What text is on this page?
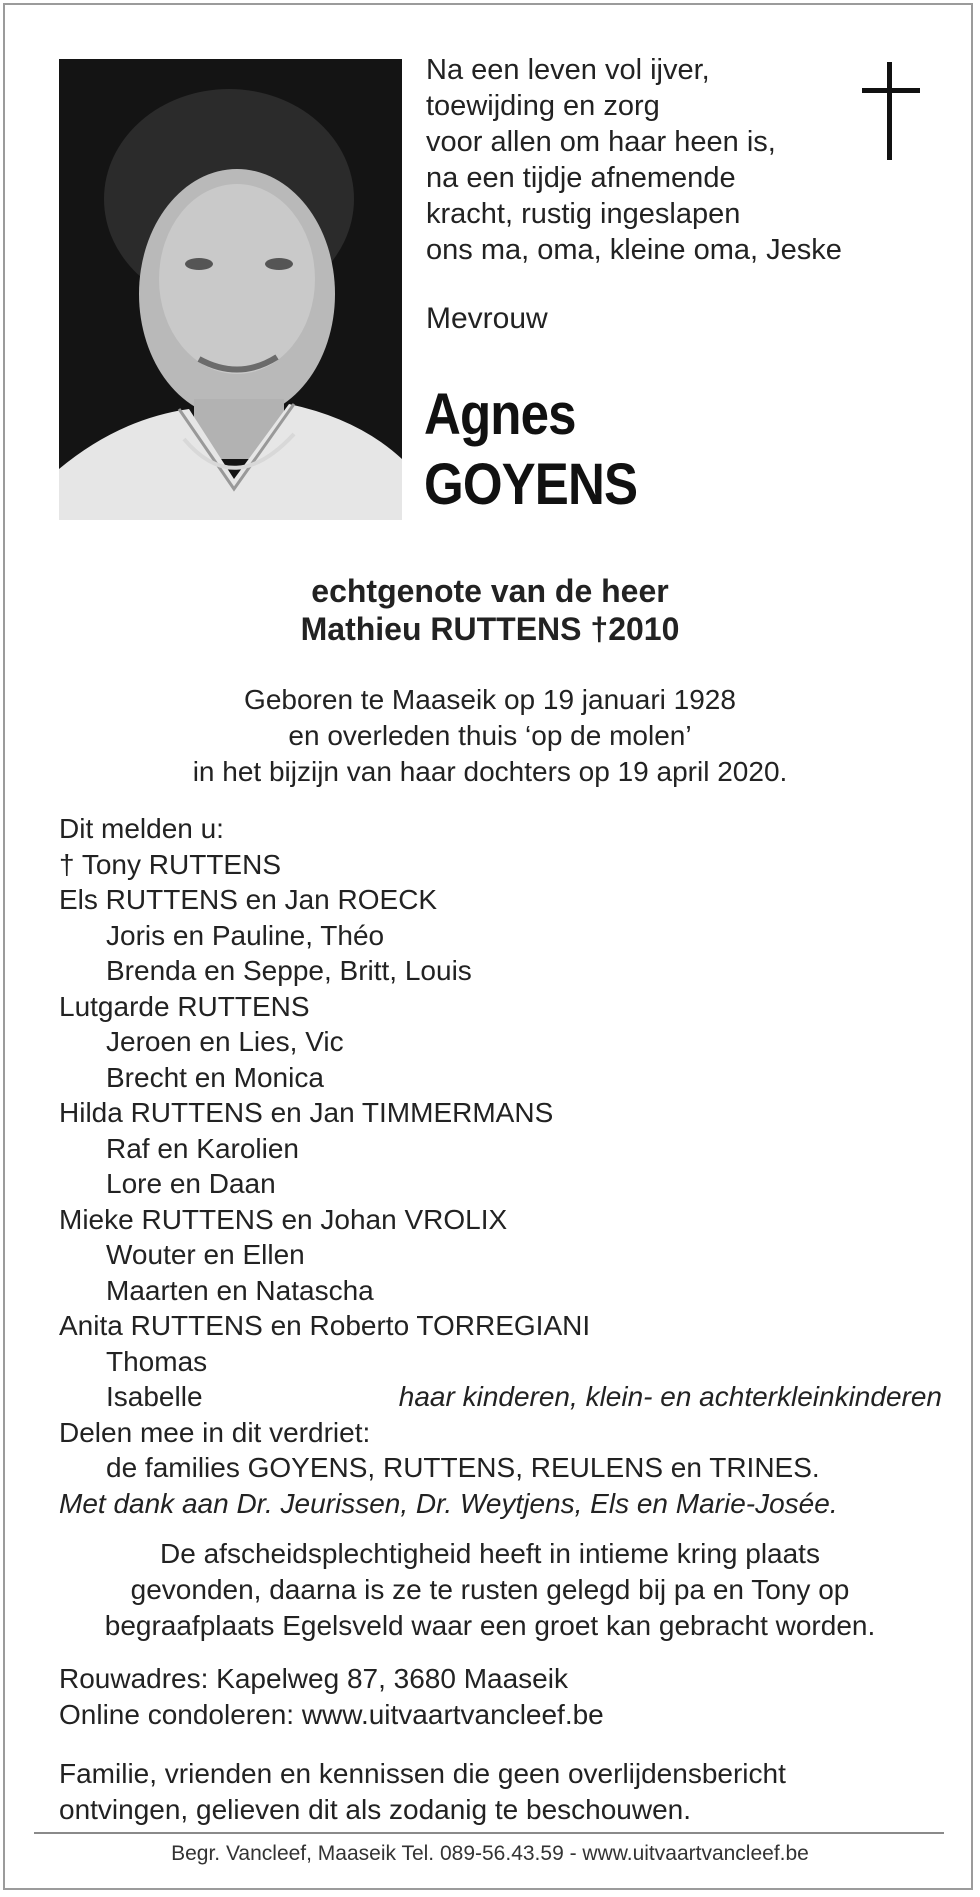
Na een leven vol ijver,
toewijding en zorg
voor allen om haar heen is,
na een tijdje afnemende
kracht, rustig ingeslapen
ons ma, oma, kleine oma, Jeske
Mevrouw
Agnes
GOYENS
echtgenote van de heer
Mathieu RUTTENS †2010
Geboren te Maaseik op 19 januari 1928
en overleden thuis ‘op de molen’
in het bijzijn van haar dochters op 19 april 2020.
Dit melden u:
† Tony RUTTENS
Els RUTTENS en Jan ROECK
Joris en Pauline, Théo
Brenda en Seppe, Britt, Louis
Lutgarde RUTTENS
Jeroen en Lies, Vic
Brecht en Monica
Hilda RUTTENS en Jan TIMMERMANS
Raf en Karolien
Lore en Daan
Mieke RUTTENS en Johan VROLIX
Wouter en Ellen
Maarten en Natascha
Anita RUTTENS en Roberto TORREGIANI
Thomas
Isabelle	haar kinderen, klein- en achterkleinkinderen
Delen mee in dit verdriet:
de families GOYENS, RUTTENS, REULENS en TRINES.
Met dank aan Dr. Jeurissen, Dr. Weytjens, Els en Marie-Josée.
De afscheidsplechtigheid heeft in intieme kring plaats
gevonden, daarna is ze te rusten gelegd bij pa en Tony op
begraafplaats Egelsveld waar een groet kan gebracht worden.
Rouwadres: Kapelweg 87, 3680 Maaseik
Online condoleren: www.uitvaartvancleef.be
Familie, vrienden en kennissen die geen overlijdensbericht
ontvingen, gelieven dit als zodanig te beschouwen.
Begr. Vancleef, Maaseik Tel. 089-56.43.59 - www.uitvaartvancleef.be
